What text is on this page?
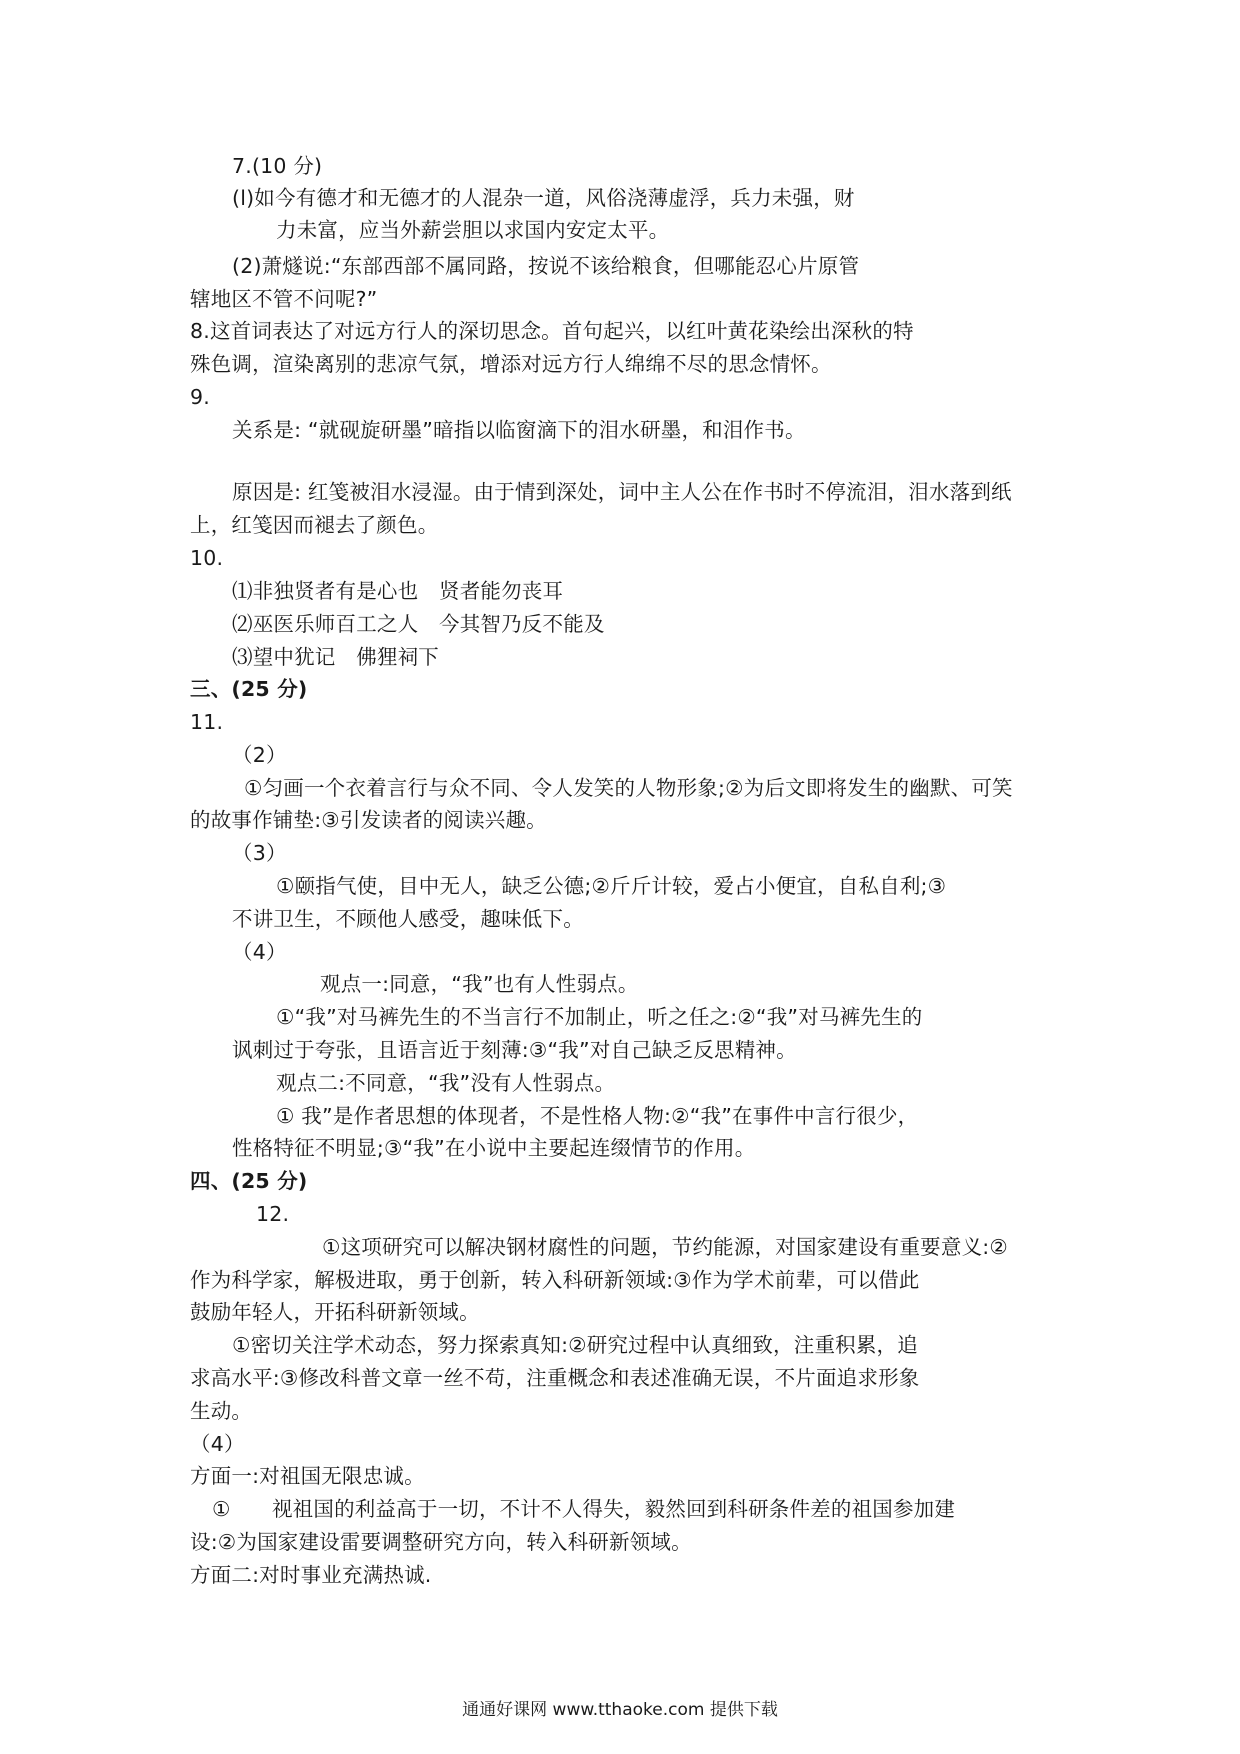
7.(10 分)
(l)如今有德才和无德才的人混杂一道，风俗浇薄虚浮，兵力未强，财
力未富，应当外薪尝胆以求国内安定太平。
(2)萧燧说:“东部西部不属同路，按说不该给粮食，但哪能忍心片原管
辖地区不管不问呢?”
8.这首词表达了对远方行人的深切思念。首句起兴，以红叶黄花染绘出深秋的特
殊色调，渲染离别的悲凉气氛，增添对远方行人绵绵不尽的思念情怀。
9.
关系是: “就砚旋研墨”暗指以临窗滴下的泪水研墨，和泪作书。
原因是: 红笺被泪水浸湿。由于情到深处，词中主人公在作书时不停流泪，泪水落到纸
上，红笺因而褪去了颜色。
10.
⑴非独贤者有是心也　贤者能勿丧耳
⑵巫医乐师百工之人　今其智乃反不能及
⑶望中犹记　佛狸祠下
三、(25 分)
11.
（2）
①匀画一个衣着言行与众不同、令人发笑的人物形象;②为后文即将发生的幽默、可笑
的故事作铺垫:③引发读者的阅读兴趣。
（3）
①颐指气使，目中无人，缺乏公德;②斤斤计较，爱占小便宜，自私自利;③
不讲卫生，不顾他人感受，趣味低下。
（4）
观点一:同意，“我”也有人性弱点。
①“我”对马裤先生的不当言行不加制止，听之任之:②“我”对马裤先生的
讽刺过于夸张，且语言近于刻薄:③“我”对自己缺乏反思精神。
观点二:不同意，“我”没有人性弱点。
① 我”是作者思想的体现者，不是性格人物:②“我”在事件中言行很少，
性格特征不明显;③“我”在小说中主要起连缀情节的作用。
四、(25 分)
12.
①这项研究可以解决钢材腐性的问题，节约能源，对国家建设有重要意义:②
作为科学家，解极进取，勇于创新，转入科研新领域:③作为学术前辈，可以借此
鼓励年轻人，开拓科研新领域。
①密切关注学术动态，努力探索真知:②研究过程中认真细致，注重积累，追
求高水平:③修改科普文章一丝不苟，注重概念和表述准确无误，不片面追求形象
生动。
（4）
方面一:对祖国无限忠诚。
①　　视祖国的利益高于一切，不计不人得失，毅然回到科研条件差的祖国参加建
设:②为国家建设雷要调整研究方向，转入科研新领域。
方面二:对时事业充满热诚.
通通好课网 www.tthaoke.com 提供下载
